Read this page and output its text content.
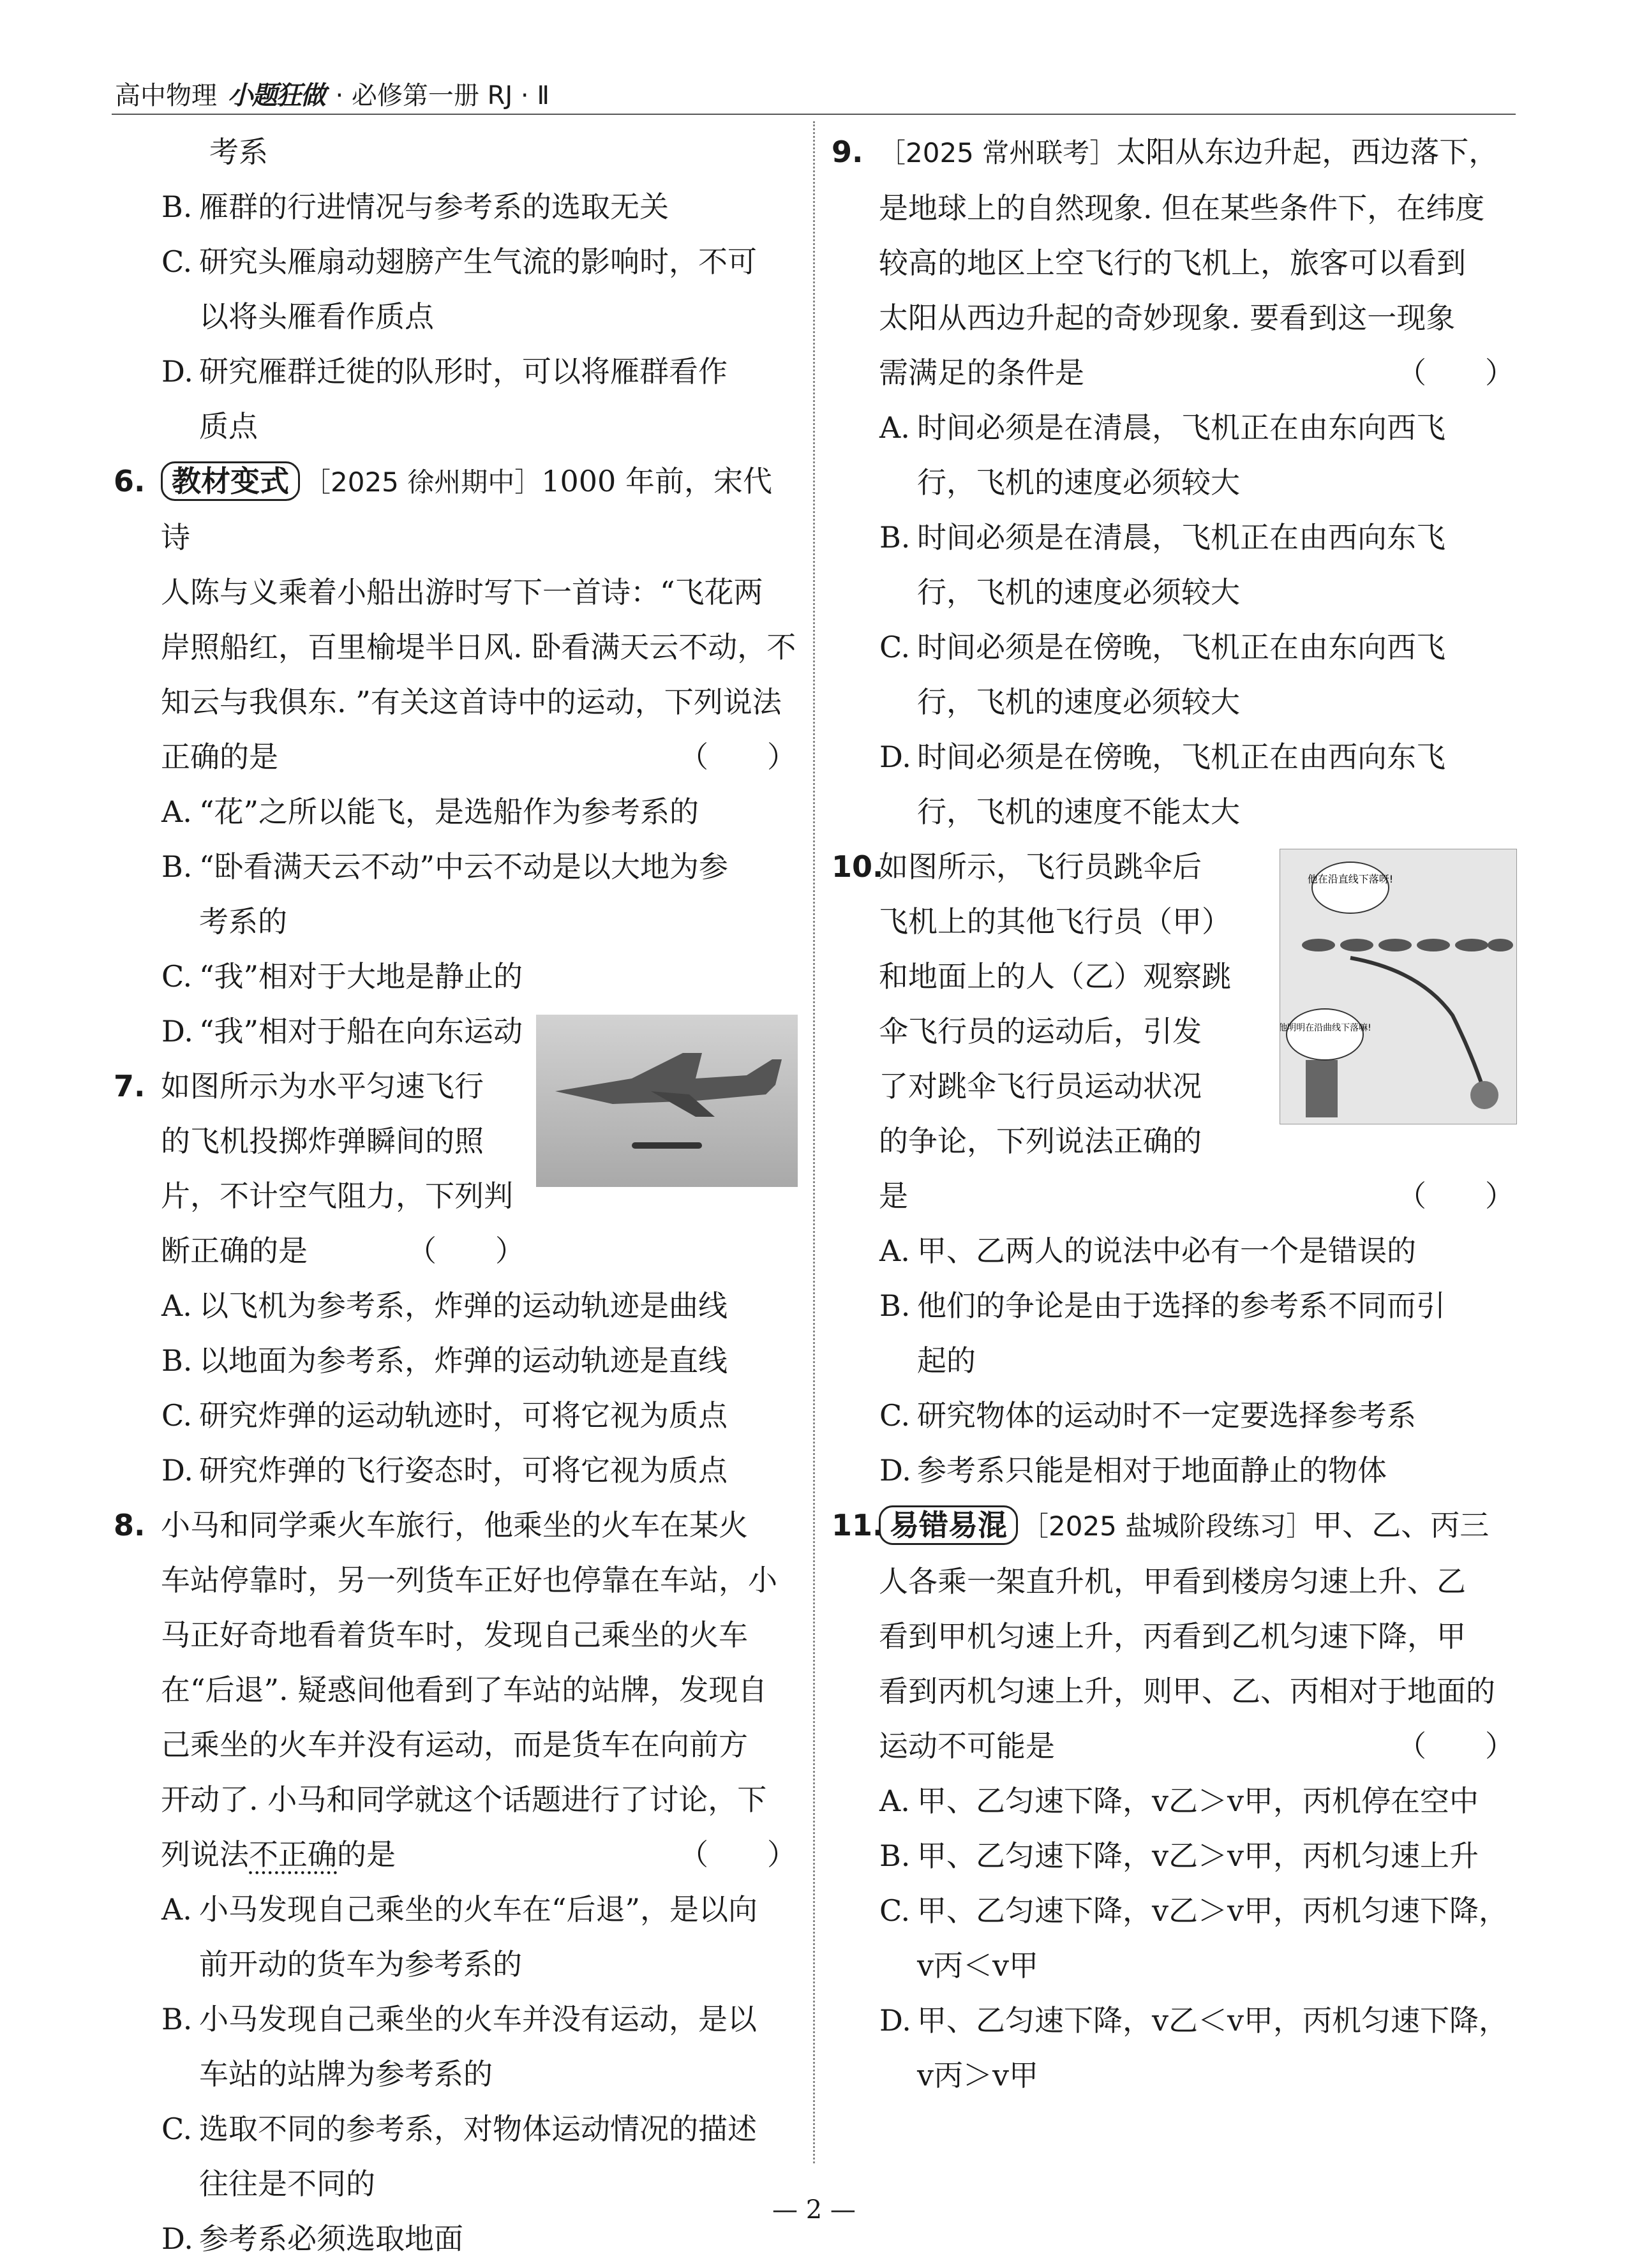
高中物理 小题狂做 · 必修第一册 RJ · Ⅱ
考系
B. 雁群的行进情况与参考系的选取无关
C. 研究头雁扇动翅膀产生气流的影响时，不可
以将头雁看作质点
D. 研究雁群迁徙的队形时，可以将雁群看作
质点
6. 教材变式 ［2025 徐州期中］1000 年前，宋代诗
人陈与义乘着小船出游时写下一首诗：“飞花两
岸照船红，百里榆堤半日风. 卧看满天云不动，不
知云与我俱东. ”有关这首诗中的运动，下列说法
正确的是	（　　）
A. “花”之所以能飞，是选船作为参考系的
B. “卧看满天云不动”中云不动是以大地为参
考系的
C. “我”相对于大地是静止的
D. “我”相对于船在向东运动
7. 如图所示为水平匀速飞行
的飞机投掷炸弹瞬间的照
片，不计空气阻力，下列判
断正确的是	（　　）
A. 以飞机为参考系，炸弹的运动轨迹是曲线
B. 以地面为参考系，炸弹的运动轨迹是直线
C. 研究炸弹的运动轨迹时，可将它视为质点
D. 研究炸弹的飞行姿态时，可将它视为质点
8. 小马和同学乘火车旅行，他乘坐的火车在某火
车站停靠时，另一列货车正好也停靠在车站，小
马正好奇地看着货车时，发现自己乘坐的火车
在“后退”. 疑惑间他看到了车站的站牌，发现自
己乘坐的火车并没有运动，而是货车在向前方
开动了. 小马和同学就这个话题进行了讨论，下
列说法不正确的是	（　　）
A. 小马发现自己乘坐的火车在“后退”，是以向
前开动的货车为参考系的
B. 小马发现自己乘坐的火车并没有运动，是以
车站的站牌为参考系的
C. 选取不同的参考系，对物体运动情况的描述
往往是不同的
D. 参考系必须选取地面
9. ［2025 常州联考］太阳从东边升起，西边落下，
是地球上的自然现象. 但在某些条件下，在纬度
较高的地区上空飞行的飞机上，旅客可以看到
太阳从西边升起的奇妙现象. 要看到这一现象
需满足的条件是	（　　）
A. 时间必须是在清晨，飞机正在由东向西飞
行，飞机的速度必须较大
B. 时间必须是在清晨，飞机正在由西向东飞
行，飞机的速度必须较大
C. 时间必须是在傍晚，飞机正在由东向西飞
行，飞机的速度必须较大
D. 时间必须是在傍晚，飞机正在由西向东飞
行，飞机的速度不能太大
10.
如图所示，飞行员跳伞后
飞机上的其他飞行员（甲）
和地面上的人（乙）观察跳
伞飞行员的运动后，引发
了对跳伞飞行员运动状况
的争论，下列说法正确的
是	（　　）
A. 甲、乙两人的说法中必有一个是错误的
B. 他们的争论是由于选择的参考系不同而引
起的
C. 研究物体的运动时不一定要选择参考系
D. 参考系只能是相对于地面静止的物体
11. 易错易混 ［2025 盐城阶段练习］甲、乙、丙三
人各乘一架直升机，甲看到楼房匀速上升、乙
看到甲机匀速上升，丙看到乙机匀速下降，甲
看到丙机匀速上升，则甲、乙、丙相对于地面的
运动不可能是	（　　）
A. 甲、乙匀速下降，v乙＞v甲，丙机停在空中
B. 甲、乙匀速下降，v乙＞v甲，丙机匀速上升
C. 甲、乙匀速下降，v乙＞v甲，丙机匀速下降，
v丙＜v甲
D. 甲、乙匀速下降，v乙＜v甲，丙机匀速下降，
v丙＞v甲
他在沿直线下落呀!
他明明在沿曲线下落嘛!
— 2 —
